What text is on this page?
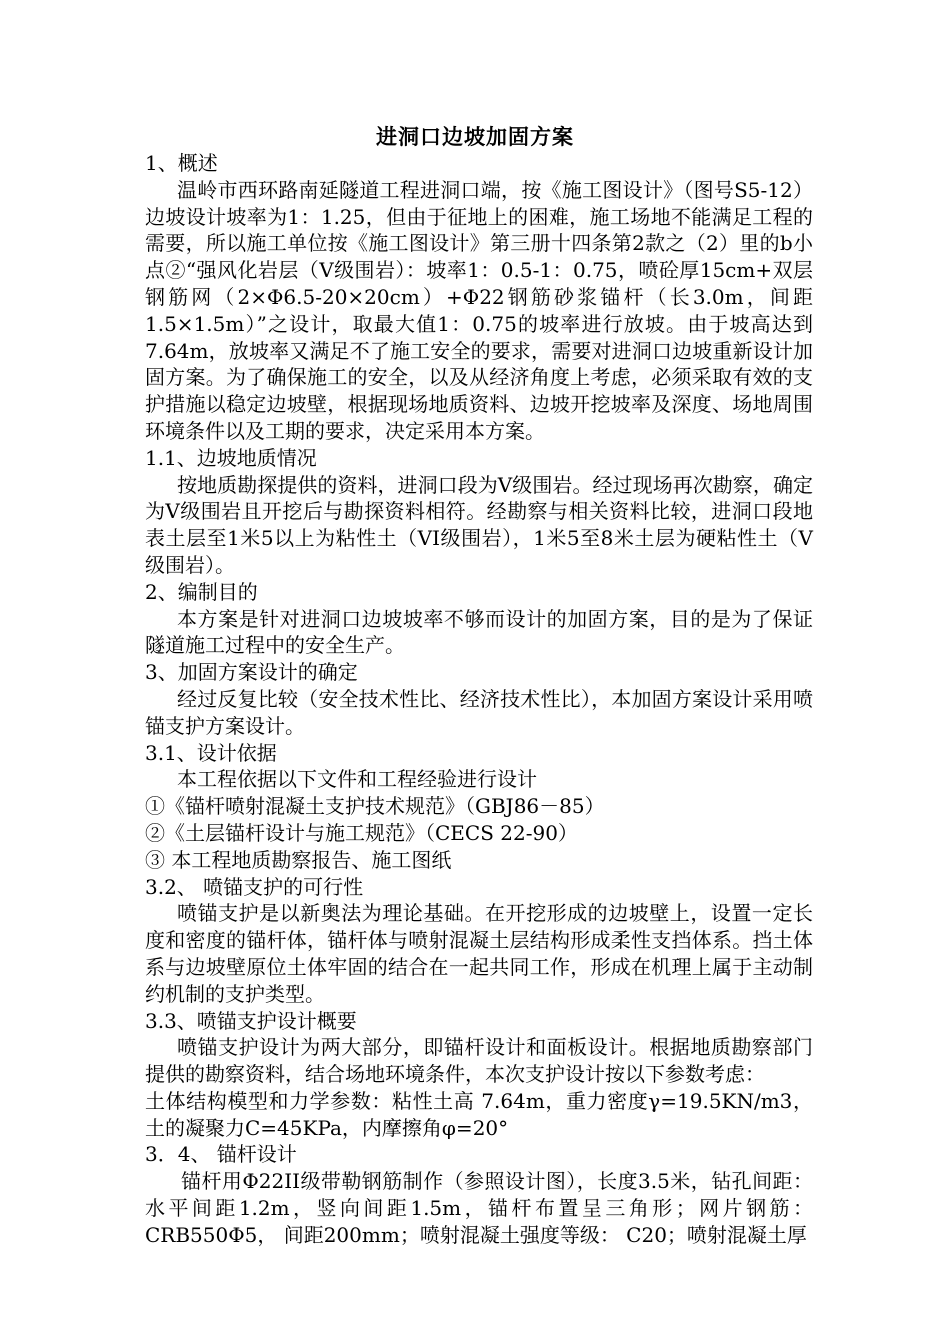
进洞口边坡加固方案

1、概述

温岭市西环路南延隧道工程进洞口端，按《施工图设计》（图号S5-12）边坡设计坡率为1：1.25，但由于征地上的困难，施工场地不能满足工程的需要，所以施工单位按《施工图设计》第三册十四条第2款之（2）里的b小点②“强风化岩层（V级围岩）：坡率1：0.5-1：0.75，喷砼厚15cm+双层钢筋网（2×Φ6.5-20×20cm）+Φ22钢筋砂浆锚杆（长3.0m，间距1.5×1.5m）”之设计，取最大值1：0.75的坡率进行放坡。由于坡高达到7.64m，放坡率又满足不了施工安全的要求，需要对进洞口边坡重新设计加固方案。为了确保施工的安全，以及从经济角度上考虑，必须采取有效的支护措施以稳定边坡壁，根据现场地质资料、边坡开挖坡率及深度、场地周围环境条件以及工期的要求，决定采用本方案。

1.1、边坡地质情况

按地质勘探提供的资料，进洞口段为V级围岩。经过现场再次勘察，确定为V级围岩且开挖后与勘探资料相符。经勘察与相关资料比较，进洞口段地表土层至1米5以上为粘性土（VI级围岩），1米5至8米土层为硬粘性土（V级围岩）。

2、编制目的

本方案是针对进洞口边坡坡率不够而设计的加固方案，目的是为了保证隧道施工过程中的安全生产。

3、加固方案设计的确定

经过反复比较（安全技术性比、经济技术性比），本加固方案设计采用喷锚支护方案设计。

3.1、设计依据

本工程依据以下文件和工程经验进行设计

①《锚杆喷射混凝土支护技术规范》（GBJ86－85）

②《土层锚杆设计与施工规范》（CECS 22-90）

③ 本工程地质勘察报告、施工图纸

3.2、 喷锚支护的可行性

喷锚支护是以新奥法为理论基础。在开挖形成的边坡壁上，设置一定长度和密度的锚杆体，锚杆体与喷射混凝土层结构形成柔性支挡体系。挡土体系与边坡壁原位土体牢固的结合在一起共同工作，形成在机理上属于主动制约机制的支护类型。

3.3、喷锚支护设计概要

喷锚支护设计为两大部分，即锚杆设计和面板设计。根据地质勘察部门提供的勘察资料，结合场地环境条件，本次支护设计按以下参数考虑：

土体结构模型和力学参数：粘性土高 7.64m，重力密度γ=19.5KN/m3，土的凝聚力C=45KPa，内摩擦角φ=20°

3．4、 锚杆设计

锚杆用Φ22II级带勒钢筋制作（参照设计图），长度3.5米，钻孔间距：水平间距1.2m，竖向间距1.5m，锚杆布置呈三角形；网片钢筋：CRB550Φ5， 间距200mm；喷射混凝土强度等级： C20；喷射混凝土厚
